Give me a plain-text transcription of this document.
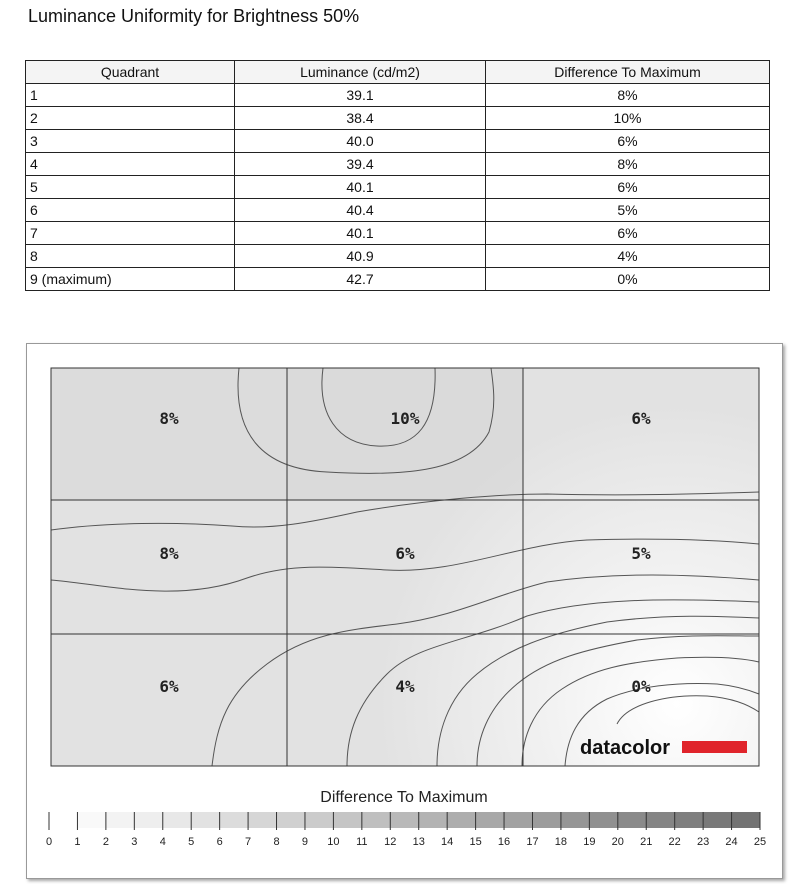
Luminance Uniformity for Brightness 50%
Quadrant	Luminance (cd/m2)	Difference To Maximum
1	39.1	8%
2	38.4	10%
3	40.0	6%
4	39.4	8%
5	40.1	6%
6	40.4	5%
7	40.1	6%
8	40.9	4%
9 (maximum)	42.7	0%
8%	10%	6%
8%	6%	5%
6%	4%	0%
datacolor
Difference To Maximum
0 1 2 3 4 5 6 7 8 9 10 11 12 13 14 15 16 17 18 19 20 21 22 23 24 25
